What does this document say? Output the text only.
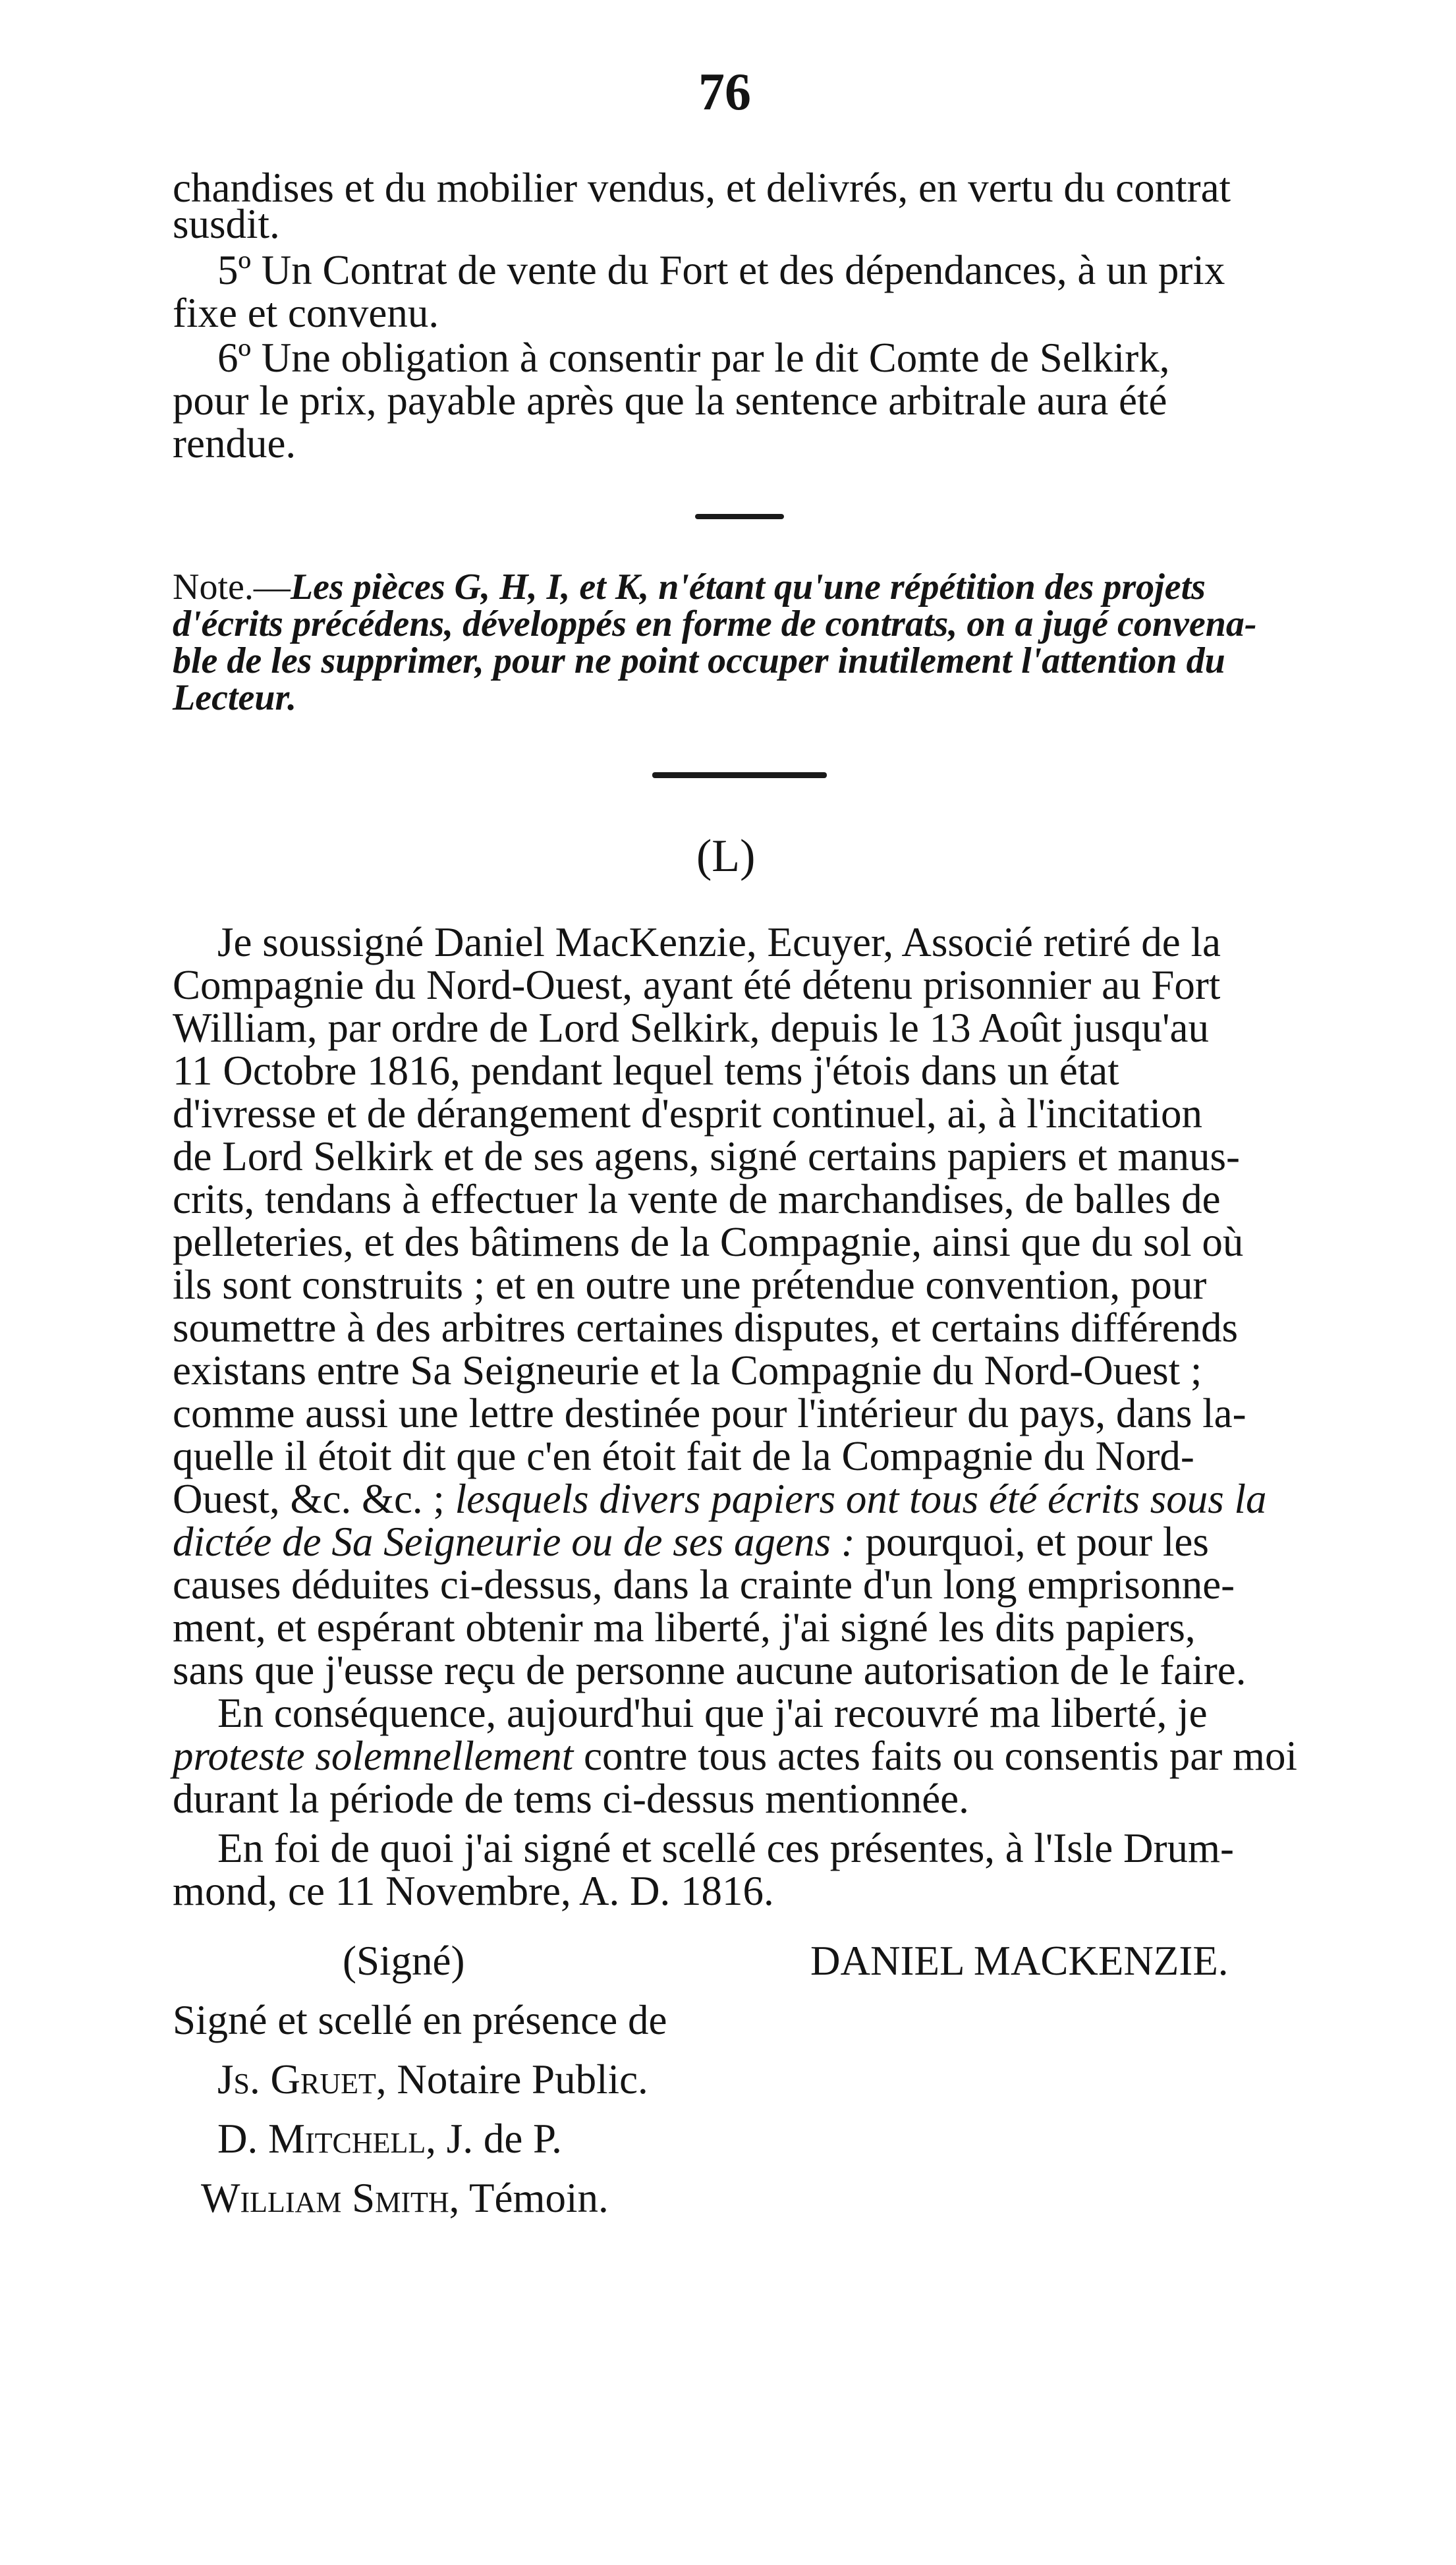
76
chandises et du mobilier vendus, et delivrés, en vertu du contrat
susdit.
5º Un Contrat de vente du Fort et des dépendances, à un prix
fixe et convenu.
6º Une obligation à consentir par le dit Comte de Selkirk,
pour le prix, payable après que la sentence arbitrale aura été
rendue.
Note.—Les pièces G, H, I, et K, n'étant qu'une répétition des projets
d'écrits précédens, développés en forme de contrats, on a jugé convena-
ble de les supprimer, pour ne point occuper inutilement l'attention du
Lecteur.
(L)
Je soussigné Daniel MacKenzie, Ecuyer, Associé retiré de la
Compagnie du Nord-Ouest, ayant été détenu prisonnier au Fort
William, par ordre de Lord Selkirk, depuis le 13 Août jusqu'au
11 Octobre 1816, pendant lequel tems j'étois dans un état
d'ivresse et de dérangement d'esprit continuel, ai, à l'incitation
de Lord Selkirk et de ses agens, signé certains papiers et manus-
crits, tendans à effectuer la vente de marchandises, de balles de
pelleteries, et des bâtimens de la Compagnie, ainsi que du sol où
ils sont construits ; et en outre une prétendue convention, pour
soumettre à des arbitres certaines disputes, et certains différends
existans entre Sa Seigneurie et la Compagnie du Nord-Ouest ;
comme aussi une lettre destinée pour l'intérieur du pays, dans la-
quelle il étoit dit que c'en étoit fait de la Compagnie du Nord-
Ouest, &c. &c. ; lesquels divers papiers ont tous été écrits sous la
dictée de Sa Seigneurie ou de ses agens : pourquoi, et pour les
causes déduites ci-dessus, dans la crainte d'un long emprisonne-
ment, et espérant obtenir ma liberté, j'ai signé les dits papiers,
sans que j'eusse reçu de personne aucune autorisation de le faire.
En conséquence, aujourd'hui que j'ai recouvré ma liberté, je
proteste solemnellement contre tous actes faits ou consentis par moi
durant la période de tems ci-dessus mentionnée.
En foi de quoi j'ai signé et scellé ces présentes, à l'Isle Drum-
mond, ce 11 Novembre, A. D. 1816.
(Signé)	DANIEL MACKENZIE.
Signé et scellé en présence de
Js. Gruet, Notaire Public.
D. Mitchell, J. de P.
William Smith, Témoin.
